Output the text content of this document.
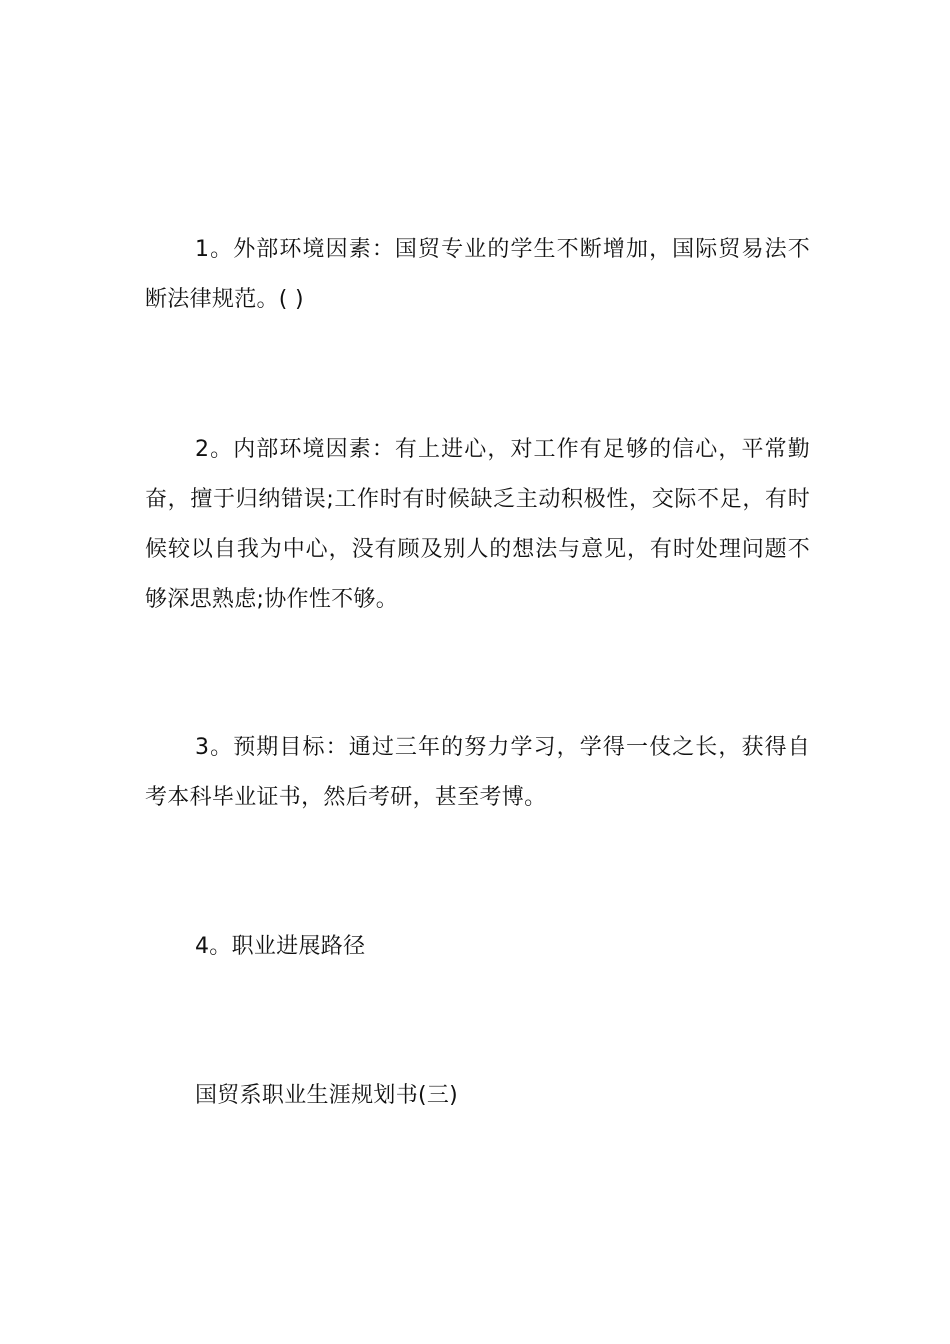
1。外部环境因素：国贸专业的学生不断增加，国际贸易法不断法律规范。( )

2。内部环境因素：有上进心，对工作有足够的信心，平常勤奋，擅于归纳错误;工作时有时候缺乏主动积极性，交际不足，有时候较以自我为中心，没有顾及别人的想法与意见，有时处理问题不够深思熟虑;协作性不够。

3。预期目标：通过三年的努力学习，学得一伎之长，获得自考本科毕业证书，然后考研，甚至考博。

4。职业进展路径

国贸系职业生涯规划书(三)
